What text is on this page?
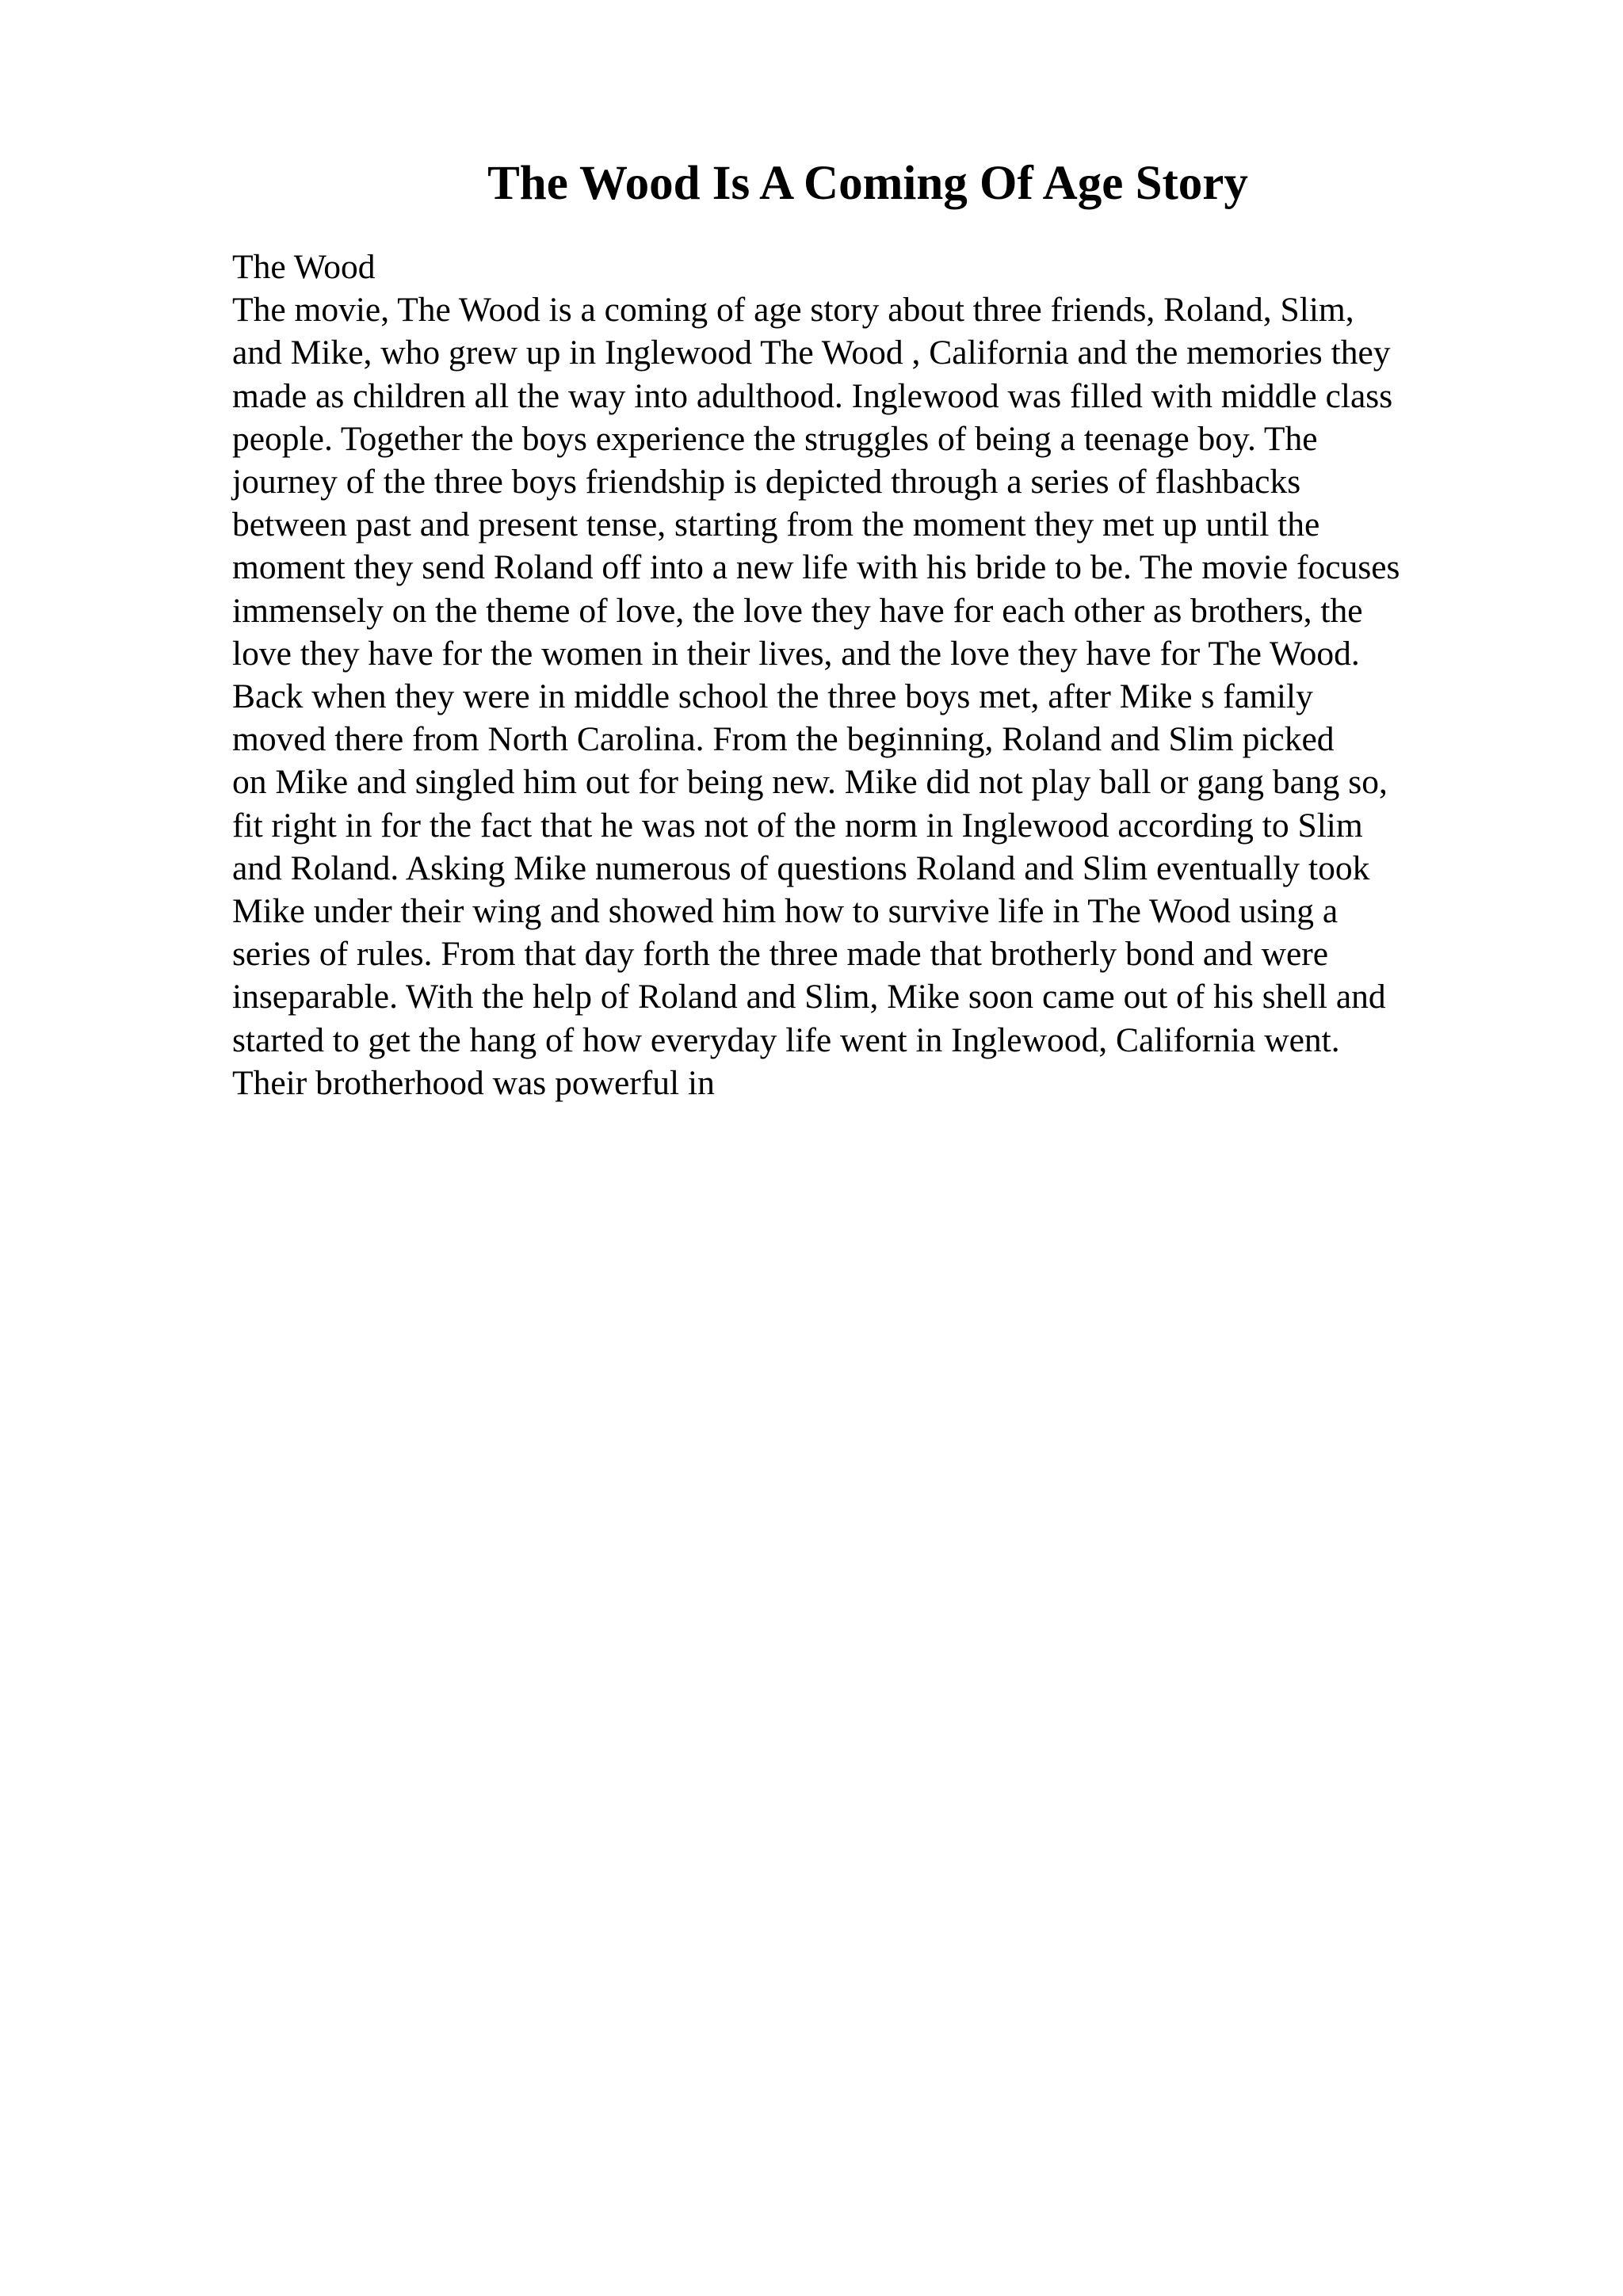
The Wood Is A Coming Of Age Story
The Wood
The movie, The Wood is a coming of age story about three friends, Roland, Slim,
and Mike, who grew up in Inglewood The Wood , California and the memories they
made as children all the way into adulthood. Inglewood was filled with middle class
people. Together the boys experience the struggles of being a teenage boy. The
journey of the three boys friendship is depicted through a series of flashbacks
between past and present tense, starting from the moment they met up until the
moment they send Roland off into a new life with his bride to be. The movie focuses
immensely on the theme of love, the love they have for each other as brothers, the
love they have for the women in their lives, and the love they have for The Wood.
Back when they were in middle school the three boys met, after Mike s family
moved there from North Carolina. From the beginning, Roland and Slim picked
on Mike and singled him out for being new. Mike did not play ball or gang bang so,
fit right in for the fact that he was not of the norm in Inglewood according to Slim
and Roland. Asking Mike numerous of questions Roland and Slim eventually took
Mike under their wing and showed him how to survive life in The Wood using a
series of rules. From that day forth the three made that brotherly bond and were
inseparable. With the help of Roland and Slim, Mike soon came out of his shell and
started to get the hang of how everyday life went in Inglewood, California went.
Their brotherhood was powerful in
